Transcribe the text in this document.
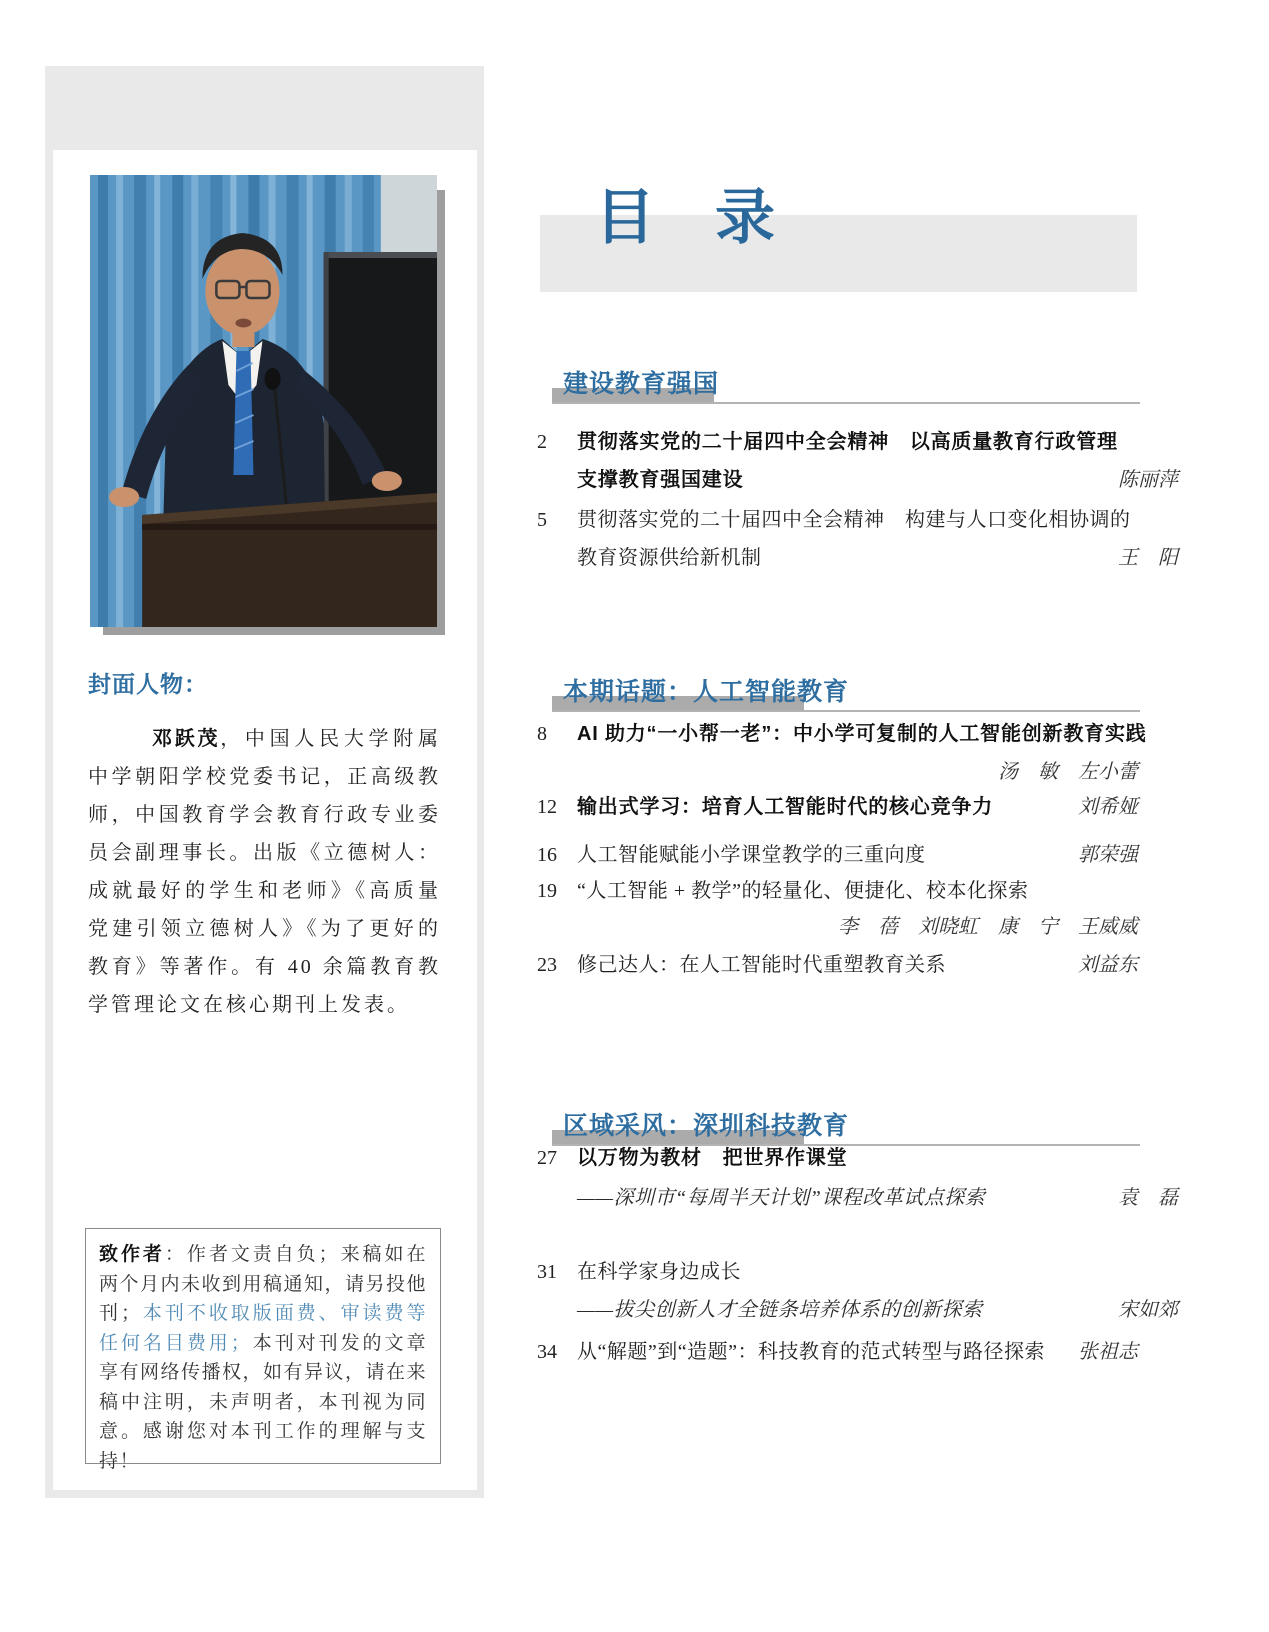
封面人物：

邓跃茂，中国人民大学附属中学朝阳学校党委书记，正高级教师，中国教育学会教育行政专业委员会副理事长。出版《立德树人：成就最好的学生和老师》《高质量党建引领立德树人》《为了更好的教育》等著作。有 40 余篇教育教学管理论文在核心期刊上发表。

致作者：作者文责自负；来稿如在两个月内未收到用稿通知，请另投他刊；本刊不收取版面费、审读费等任何名目费用；本刊对刊发的文章享有网络传播权，如有异议，请在来稿中注明，未声明者，本刊视为同意。感谢您对本刊工作的理解与支持！
目　录
建设教育强国
2	贯彻落实党的二十届四中全会精神　以高质量教育行政管理
支撑教育强国建设	陈丽萍
5	贯彻落实党的二十届四中全会精神　构建与人口变化相协调的
教育资源供给新机制	王　阳
本期话题：人工智能教育
8	AI 助力“一小帮一老”：中小学可复制的人工智能创新教育实践
汤　敏　左小蕾
12	输出式学习：培育人工智能时代的核心竞争力	刘希娅
16	人工智能赋能小学课堂教学的三重向度	郭荣强
19	“人工智能 + 教学”的轻量化、便捷化、校本化探索
李　蓓　刘晓虹　康　宁　王威威
23	修己达人：在人工智能时代重塑教育关系	刘益东
区域采风：深圳科技教育
27	以万物为教材　把世界作课堂
——深圳市“每周半天计划”课程改革试点探索	袁　磊
31	在科学家身边成长
——拔尖创新人才全链条培养体系的创新探索	宋如郊
34	从“解题”到“造题”：科技教育的范式转型与路径探索	张祖志
